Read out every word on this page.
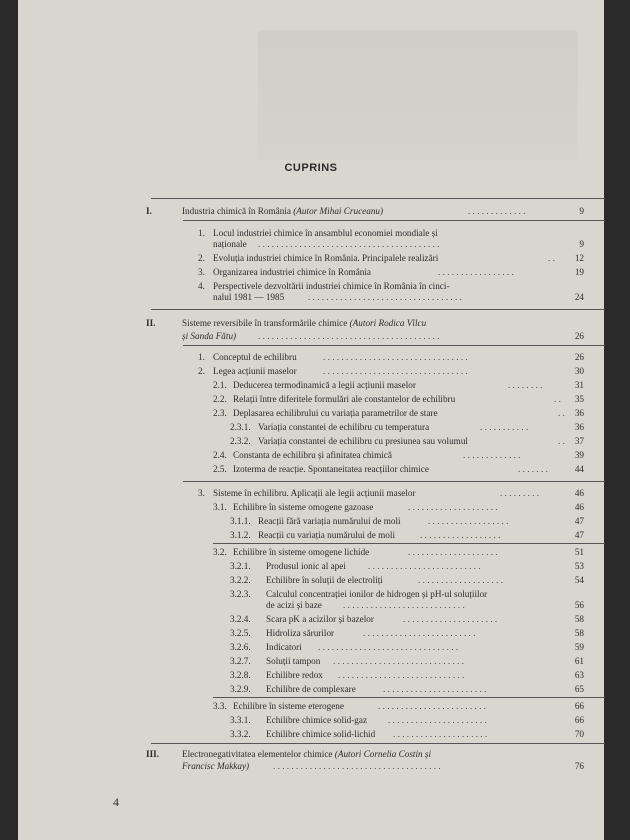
CUPRINS
I.	Industria chimică în România (Autor Mihai Cruceanu)	. . . . . . . . . . . . .	9
1. Locul industriei chimice în ansamblul economiei mondiale și
naționale . . . . . . . . . . . . . . . . . . . . . . . . . . . . . . . . . . . . . . . .	9
2. Evoluția industriei chimice în România. Principalele realizări	. .	12
3. Organizarea industriei chimice în România	. . . . . . . . . . . . . . . . .	19
4. Perspectivele dezvoltării industriei chimice în România în cinci-
nalul 1981 — 1985	. . . . . . . . . . . . . . . . . . . . . . . . . . . . . . . . . .	24
II.	Sisteme reversibile în transformările chimice (Autori Rodica Vîlcu
și Sanda Fătu) . . . . . . . . . . . . . . . . . . . . . . . . . . . . . . . . . . . . . . . .	26
1. Conceptul de echilibru	. . . . . . . . . . . . . . . . . . . . . . . . . . . . . . . .	26
2. Legea acțiunii maselor	. . . . . . . . . . . . . . . . . . . . . . . . . . . . . . . .	30
2.1. Deducerea termodinamică a legii acțiunii maselor	. . . . . . . .	31
2.2. Relații între diferitele formulări ale constantelor de echilibru	. .	35
2.3. Deplasarea echilibrului cu variația parametrilor de stare	. .	36
2.3.1. Variația constantei de echilibru cu temperatura	. . . . . . . . . . .	36
2.3.2. Variația constantei de echilibru cu presiunea sau volumul	. .	37
2.4. Constanta de echilibru și afinitatea chimică	. . . . . . . . . . . . .	39
2.5. Izoterma de reacție. Spontaneitatea reacțiilor chimice	. . . . . . .	44
3. Sisteme în echilibru. Aplicații ale legii acțiunii maselor	. . . . . . . . .	46
3.1. Echilibre în sisteme omogene gazoase	. . . . . . . . . . . . . . . . . . . .	46
3.1.1. Reacții fără variația numărului de moli	. . . . . . . . . . . . . . . . . .	47
3.1.2. Reacții cu variația numărului de moli	. . . . . . . . . . . . . . . . . .	47
3.2. Echilibre în sisteme omogene lichide	. . . . . . . . . . . . . . . . . . . .	51
3.2.1. Produsul ionic al apei . . . . . . . . . . . . . . . . . . . . . . . . .	53
3.2.2. Echilibre în soluții de electroliți	. . . . . . . . . . . . . . . . . . .	54
3.2.3. Calculul concentrației ionilor de hidrogen și pH-ul soluțiilor
de acizi și baze . . . . . . . . . . . . . . . . . . . . . . . . . . .	56
3.2.4. Scara pK a acizilor și bazelor	. . . . . . . . . . . . . . . . . . . . .	58
3.2.5. Hidroliza sărurilor	. . . . . . . . . . . . . . . . . . . . . . . . .	58
3.2.6. Indicatori . . . . . . . . . . . . . . . . . . . . . . . . . . . . . . .	59
3.2.7. Soluții tampon . . . . . . . . . . . . . . . . . . . . . . . . . . . . .	61
3.2.8. Echilibre redox . . . . . . . . . . . . . . . . . . . . . . . . . . . .	63
3.2.9. Echilibre de complexare	. . . . . . . . . . . . . . . . . . . . . . .	65
3.3. Echilibre în sisteme eterogene	. . . . . . . . . . . . . . . . . . . . . . . .	66
3.3.1. Echilibre chimice solid-gaz . . . . . . . . . . . . . . . . . . . . . .	66
3.3.2. Echilibre chimice solid-lichid . . . . . . . . . . . . . . . . . . . . .	70
III. Electronegativitatea elementelor chimice (Autori Cornelia Costin și
Francisc Makkay)	. . . . . . . . . . . . . . . . . . . . . . . . . . . . . . . . . . . . .	76
4
